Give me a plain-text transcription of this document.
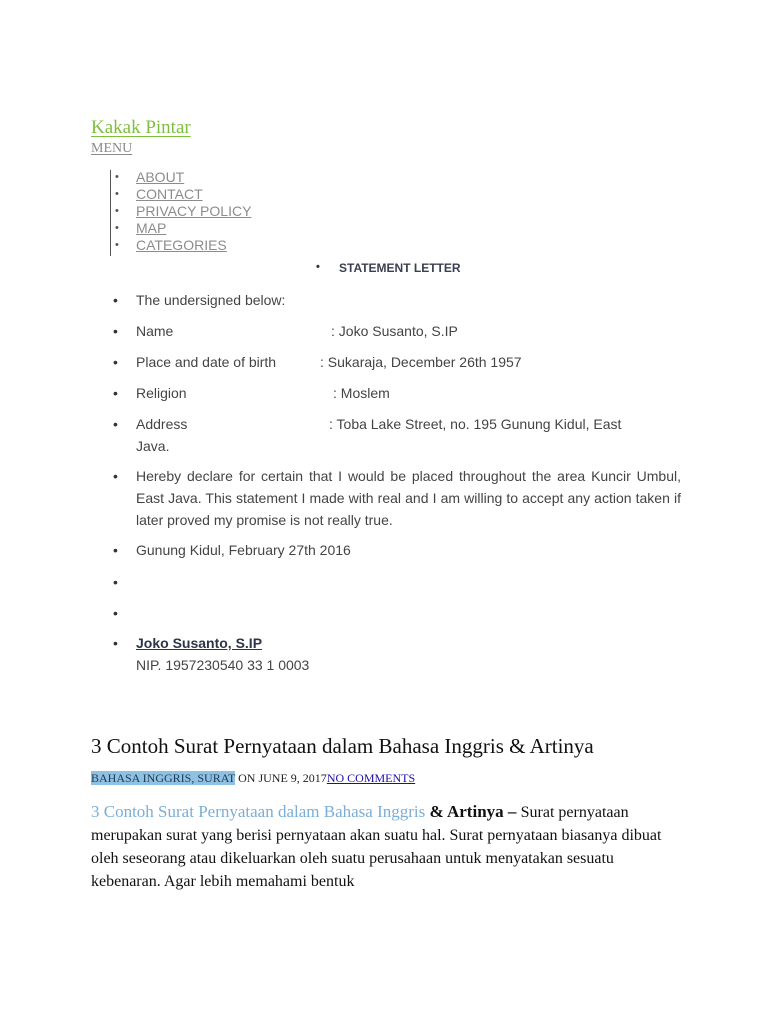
Kakak Pintar
MENU
• ABOUT
• CONTACT
• PRIVACY POLICY
• MAP
• CATEGORIES
• STATEMENT LETTER
• The undersigned below:
• Name	: Joko Susanto, S.IP
• Place and date of birth	: Sukaraja, December 26th 1957
• Religion	: Moslem
• Address	: Toba Lake Street, no. 195 Gunung Kidul, East
Java.
• Hereby declare for certain that I would be placed throughout the area Kuncir Umbul, East Java. This statement I made with real and I am willing to accept any action taken if later proved my promise is not really true.
• Gunung Kidul, February 27th 2016
•
•
• Joko Susanto, S.IP
NIP. 1957230540 33 1 0003
3 Contoh Surat Pernyataan dalam Bahasa Inggris & Artinya
BAHASA INGGRIS, SURAT ON JUNE 9, 2017NO COMMENTS
3 Contoh Surat Pernyataan dalam Bahasa Inggris & Artinya – Surat pernyataan merupakan surat yang berisi pernyataan akan suatu hal. Surat pernyataan biasanya dibuat oleh seseorang atau dikeluarkan oleh suatu perusahaan untuk menyatakan sesuatu kebenaran. Agar lebih memahami bentuk
